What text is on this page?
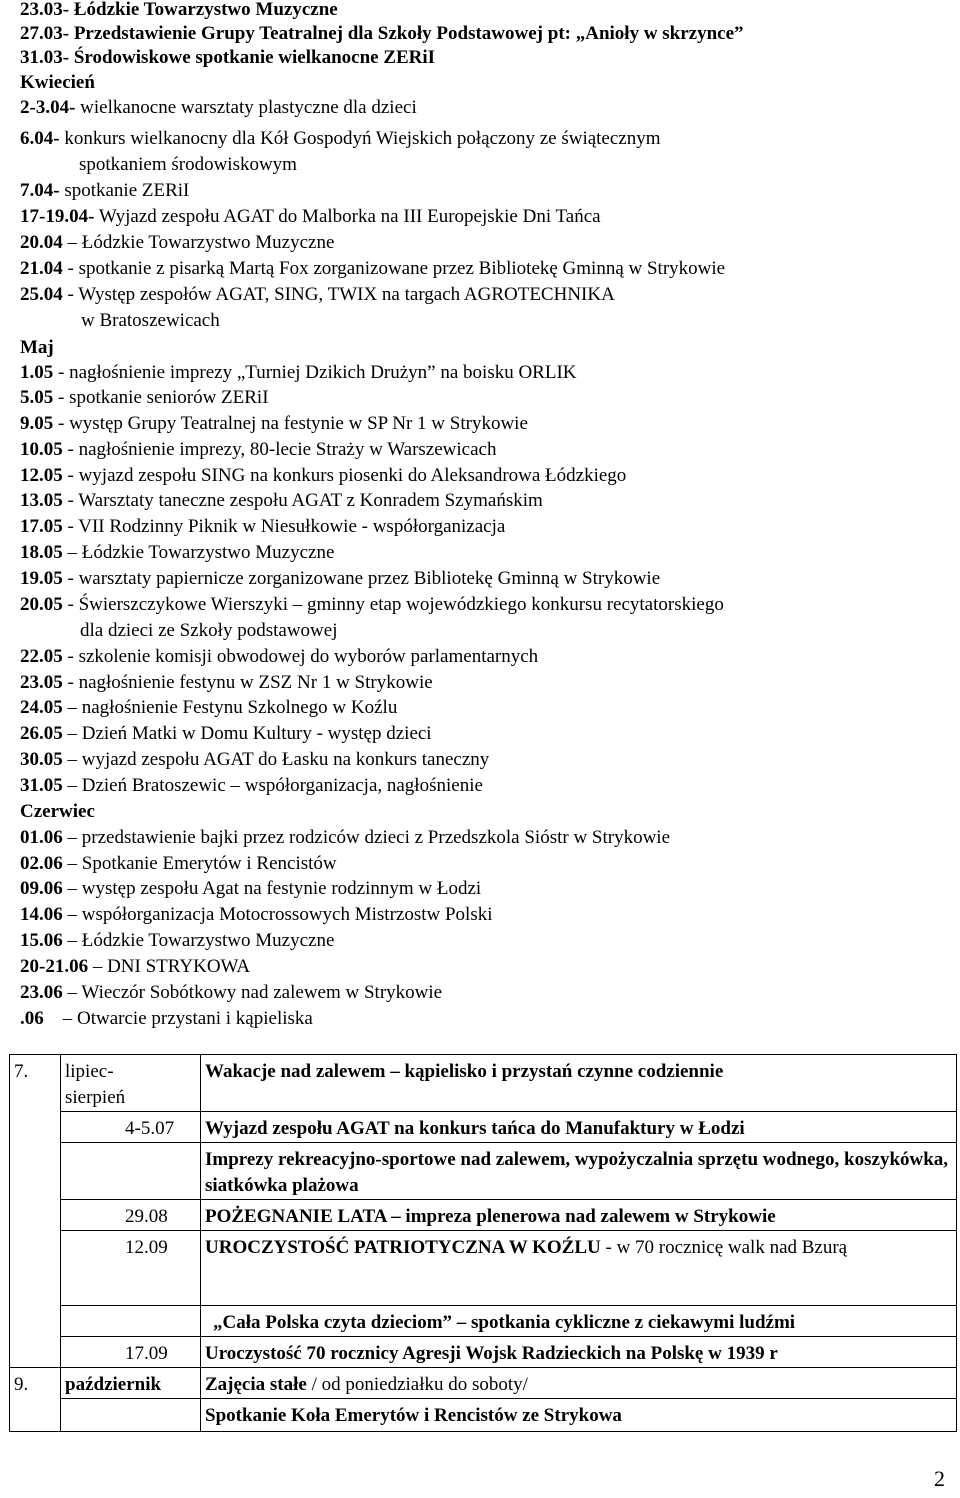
23.03- Łódzkie Towarzystwo Muzyczne
27.03- Przedstawienie Grupy Teatralnej dla Szkoły Podstawowej pt: „Anioły w skrzynce”
31.03- Środowiskowe spotkanie wielkanocne ZERiI
Kwiecień
2-3.04- wielkanocne warsztaty plastyczne dla dzieci
6.04- konkurs wielkanocny dla Kół Gospodyń Wiejskich połączony ze świątecznym
spotkaniem środowiskowym
7.04- spotkanie ZERiI
17-19.04- Wyjazd zespołu AGAT do Malborka na III Europejskie Dni Tańca
20.04 – Łódzkie Towarzystwo Muzyczne
21.04 - spotkanie z pisarką Martą Fox zorganizowane przez Bibliotekę Gminną w Strykowie
25.04 - Występ zespołów AGAT, SING, TWIX na targach AGROTECHNIKA
w Bratoszewicach
Maj
1.05 - nagłośnienie imprezy „Turniej Dzikich Drużyn” na boisku ORLIK
5.05 - spotkanie seniorów ZERiI
9.05 - występ Grupy Teatralnej na festynie w SP Nr 1 w Strykowie
10.05 - nagłośnienie imprezy, 80-lecie Straży w Warszewicach
12.05 - wyjazd zespołu SING na konkurs piosenki do Aleksandrowa Łódzkiego
13.05 - Warsztaty taneczne zespołu AGAT z Konradem Szymańskim
17.05 - VII Rodzinny Piknik w Niesułkowie - współorganizacja
18.05 – Łódzkie Towarzystwo Muzyczne
19.05 - warsztaty papiernicze zorganizowane przez Bibliotekę Gminną w Strykowie
20.05 - Świerszczykowe Wierszyki – gminny etap wojewódzkiego konkursu recytatorskiego
dla dzieci ze Szkoły podstawowej
22.05 - szkolenie komisji obwodowej do wyborów parlamentarnych
23.05 - nagłośnienie festynu w ZSZ Nr 1 w Strykowie
24.05 – nagłośnienie Festynu Szkolnego w Koźlu
26.05 – Dzień Matki w Domu Kultury - występ dzieci
30.05 – wyjazd zespołu AGAT do Łasku na konkurs taneczny
31.05 – Dzień Bratoszewic – współorganizacja, nagłośnienie
Czerwiec
01.06 – przedstawienie bajki przez rodziców dzieci z Przedszkola Sióstr w Strykowie
02.06 – Spotkanie Emerytów i Rencistów
09.06 – występ zespołu Agat na festynie rodzinnym w Łodzi
14.06 – współorganizacja Motocrossowych Mistrzostw Polski
15.06 – Łódzkie Towarzystwo Muzyczne
20-21.06 – DNI STRYKOWA
23.06 – Wieczór Sobótkowy nad zalewem w Strykowie
.06    – Otwarcie przystani i kąpieliska
7.	lipiec-
sierpień	Wakacje nad zalewem – kąpielisko i przystań czynne codziennie
	4-5.07	Wyjazd zespołu AGAT na konkurs tańca do Manufaktury w Łodzi
		Imprezy rekreacyjno-sportowe nad zalewem, wypożyczalnia sprzętu wodnego, koszykówka, siatkówka plażowa
	29.08	POŻEGNANIE LATA – impreza plenerowa nad zalewem w Strykowie
	12.09	UROCZYSTOŚĆ PATRIOTYCZNA W KOŹLU - w 70 rocznicę walk nad Bzurą
		„Cała Polska czyta dzieciom” – spotkania cykliczne z ciekawymi ludźmi
	17.09	Uroczystość 70 rocznicy Agresji Wojsk Radzieckich na Polskę w 1939 r
9.	październik	Zajęcia stałe / od poniedziałku do soboty/
		Spotkanie Koła Emerytów i Rencistów ze Strykowa
2
